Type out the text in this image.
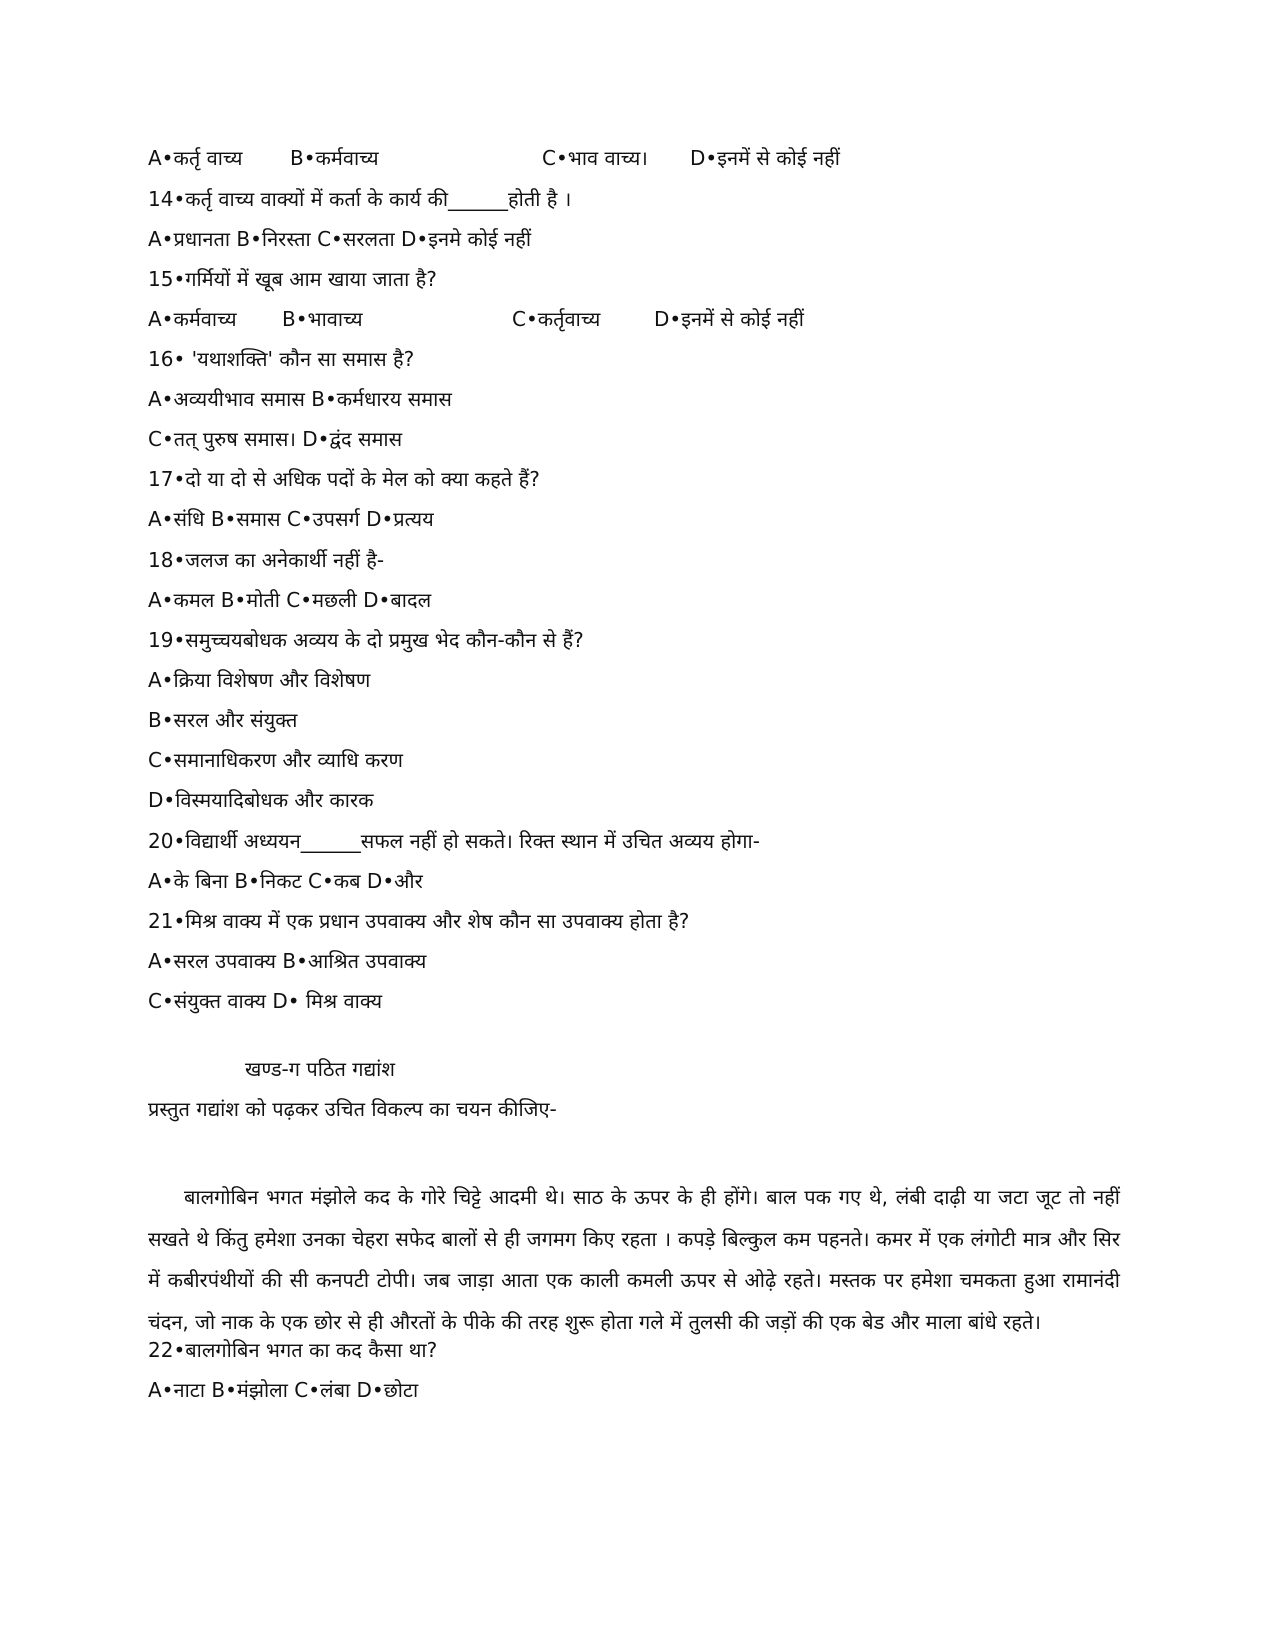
A•कर्तृ वाच्य B•कर्मवाच्य	C•भाव वाच्य। D•इनमें से कोई नहीं
14•कर्तृ वाच्य वाक्यों में कर्ता के कार्य की______होती है ।
A•प्रधानता B•निरस्ता C•सरलता D•इनमे कोई नहीं
15•गर्मियों में खूब आम खाया जाता है?
A•कर्मवाच्य B•भावाच्य	C•कर्तृवाच्य	D•इनमें से कोई नहीं
16• 'यथाशक्ति' कौन सा समास है?
A•अव्ययीभाव समास B•कर्मधारय समास
C•तत् पुरुष समास। D•द्वंद समास
17•दो या दो से अधिक पदों के मेल को क्या कहते हैं?
A•संधि B•समास C•उपसर्ग D•प्रत्यय
18•जलज का अनेकार्थी नहीं है-
A•कमल B•मोती C•मछली D•बादल
19•समुच्चयबोधक अव्यय के दो प्रमुख भेद कौन-कौन से हैं?
A•क्रिया विशेषण और विशेषण
B•सरल और संयुक्त
C•समानाधिकरण और व्याधि करण
D•विस्मयादिबोधक और कारक
20•विद्यार्थी अध्ययन______सफल नहीं हो सकते। रिक्त स्थान में उचित अव्यय होगा-
A•के बिना B•निकट C•कब D•और
21•मिश्र वाक्य में एक प्रधान उपवाक्य और शेष कौन सा उपवाक्य होता है?
A•सरल उपवाक्य B•आश्रित उपवाक्य
C•संयुक्त वाक्य D• मिश्र वाक्य
खण्ड-ग पठित गद्यांश
प्रस्तुत गद्यांश को पढ़कर उचित विकल्प का चयन कीजिए-
बालगोबिन भगत मंझोले कद के गोरे चिट्टे आदमी थे। साठ के ऊपर के ही होंगे। बाल पक गए थे, लंबी दाढ़ी या जटा जूट तो नहीं सखते थे किंतु हमेशा उनका चेहरा सफेद बालों से ही जगमग किए रहता । कपड़े बिल्कुल कम पहनते। कमर में एक लंगोटी मात्र और सिर में कबीरपंथीयों की सी कनपटी टोपी। जब जाड़ा आता एक काली कमली ऊपर से ओढ़े रहते। मस्तक पर हमेशा चमकता हुआ रामानंदी चंदन, जो नाक के एक छोर से ही औरतों के पीके की तरह शुरू होता गले में तुलसी की जड़ों की एक बेड और माला बांधे रहते।
22•बालगोबिन भगत का कद कैसा था?
A•नाटा B•मंझोला C•लंबा D•छोटा
